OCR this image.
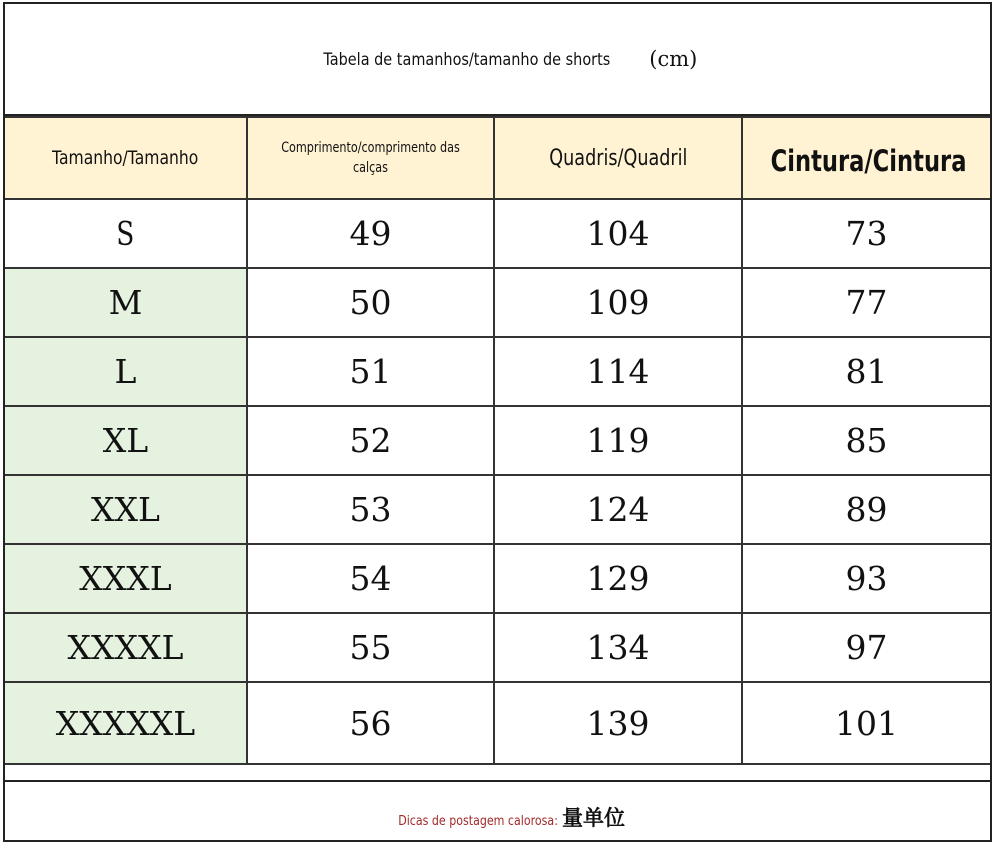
Tabela de tamanhos/tamanho de shorts (cm)
Tamanho/Tamanho	Comprimento/comprimento das calças	Quadris/Quadril	Cintura/Cintura
S	49	104	73
M	50	109	77
L	51	114	81
XL	52	119	85
XXL	53	124	89
XXXL	54	129	93
XXXXL	55	134	97
XXXXXL	56	139	101
Dicas de postagem calorosa: 量单位
